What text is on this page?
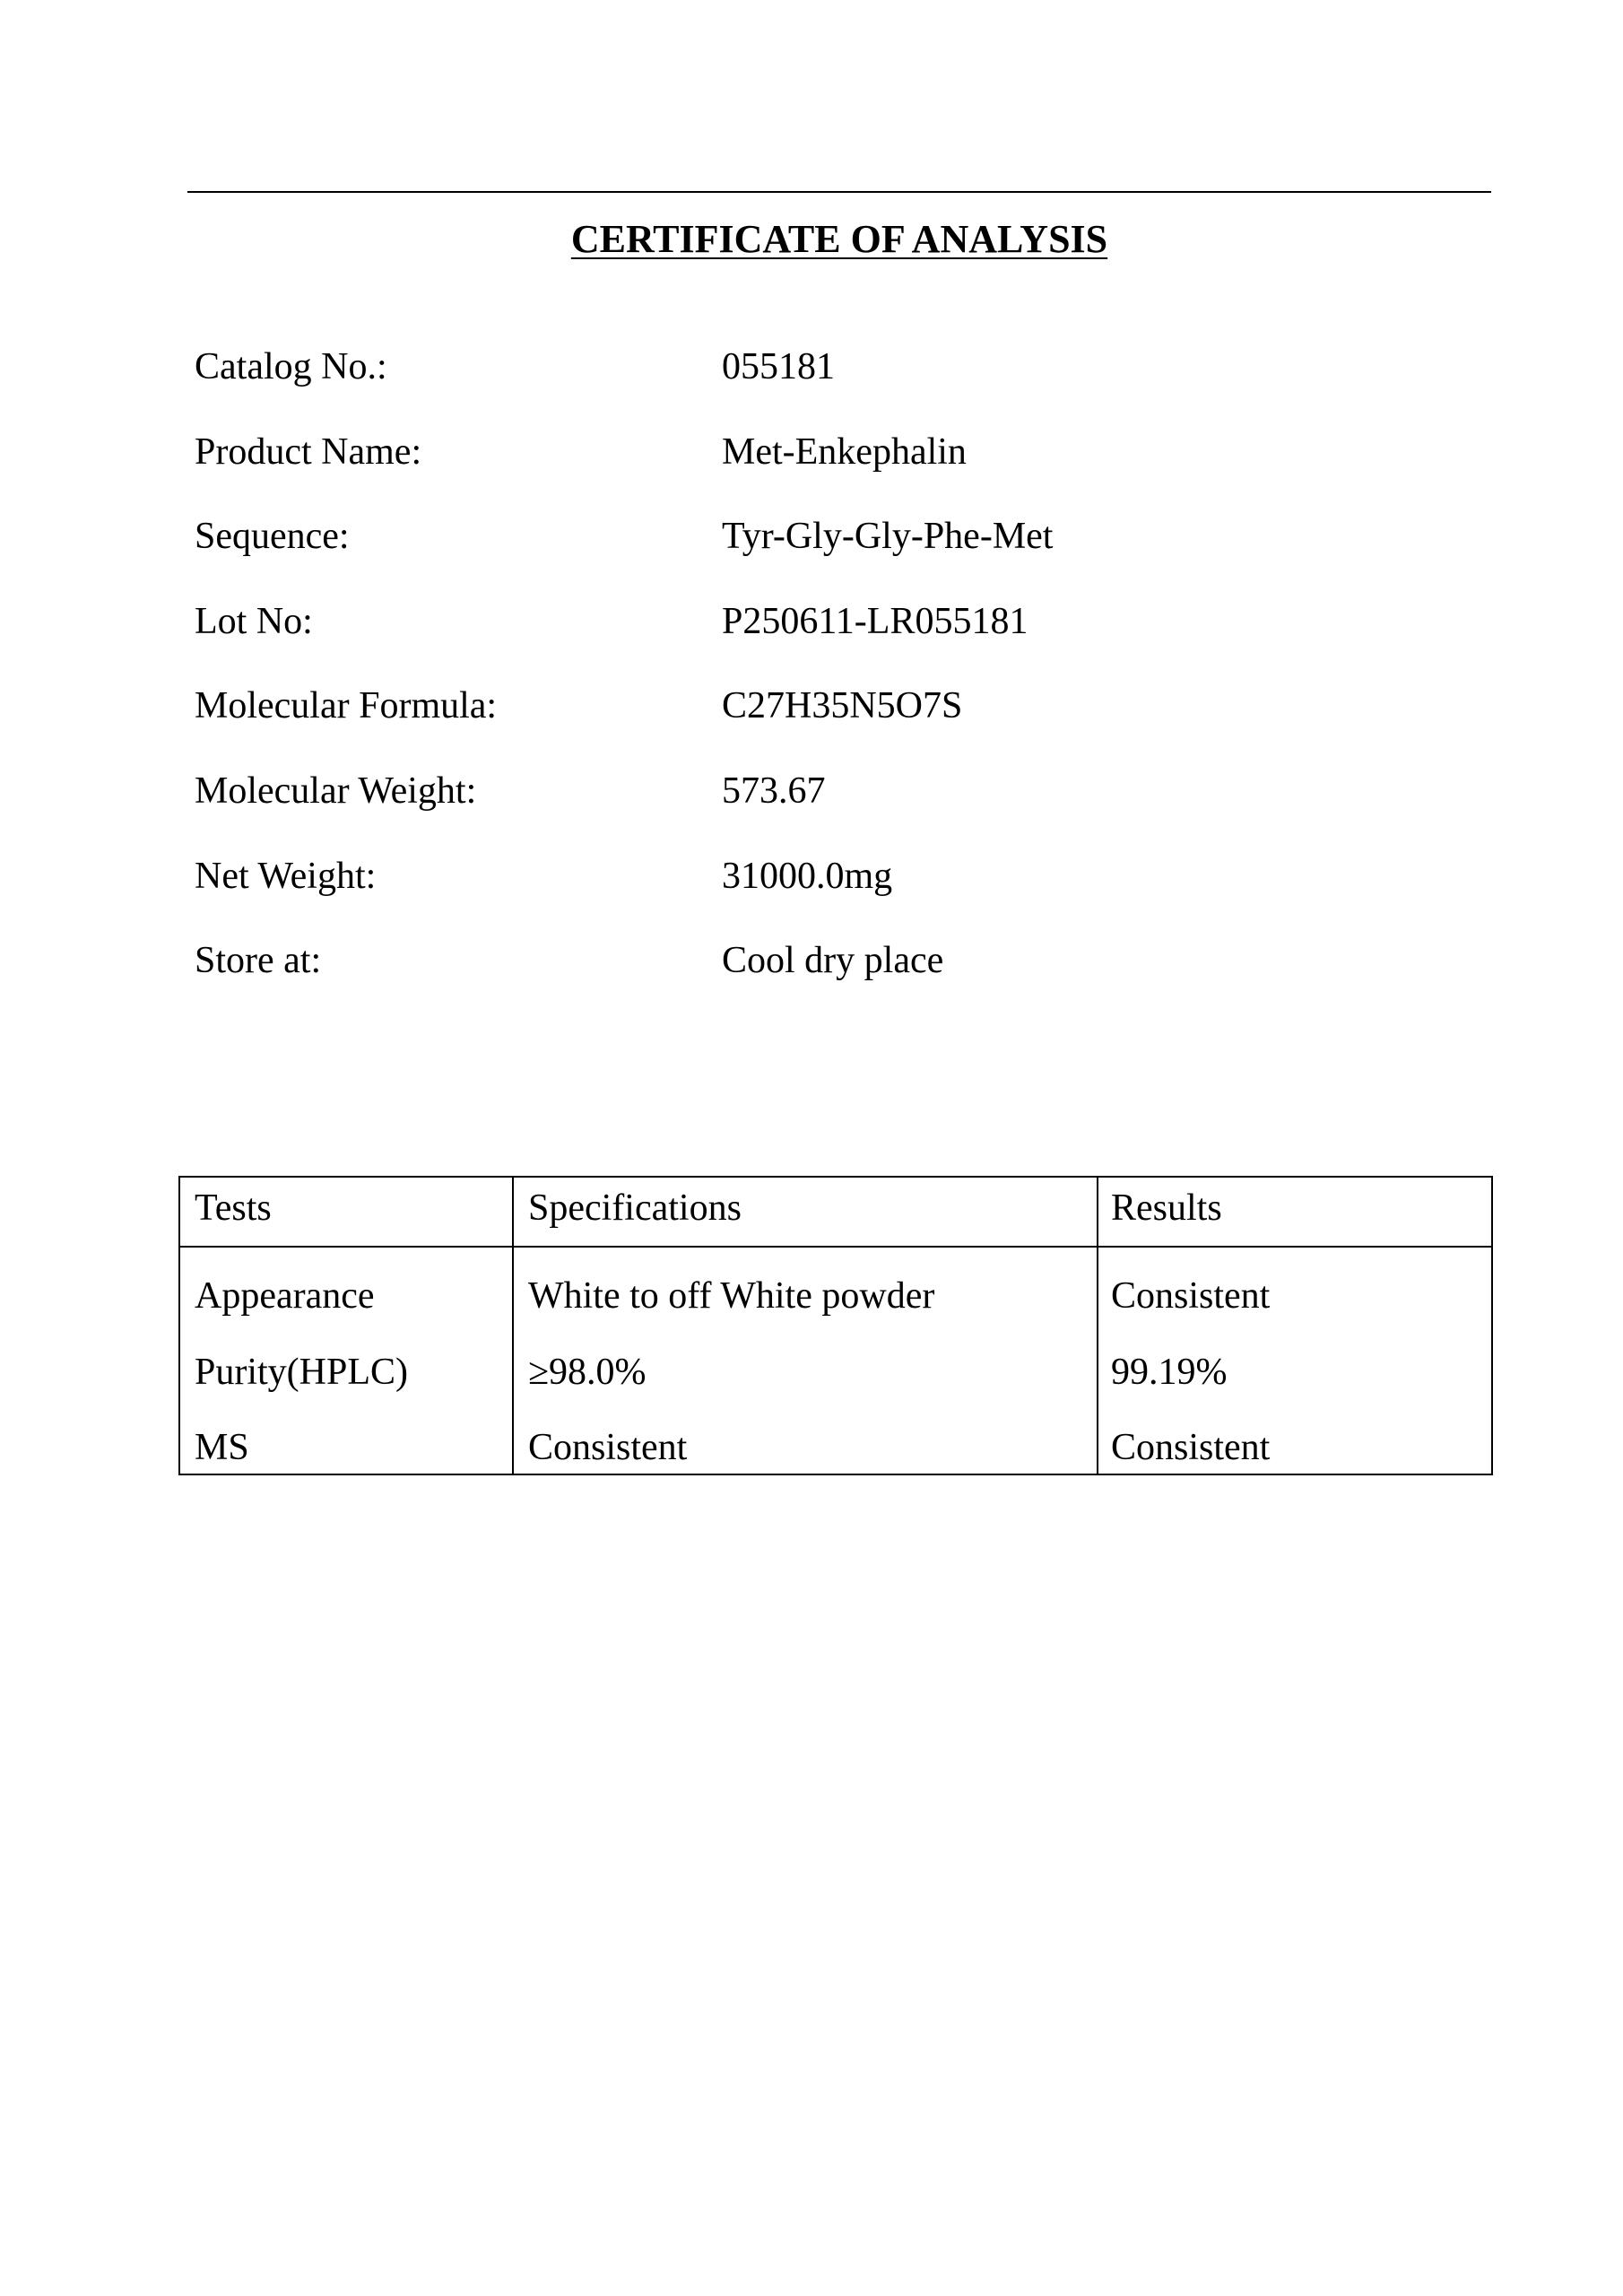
CERTIFICATE OF ANALYSIS
Catalog No.:	055181
Product Name:	Met-Enkephalin
Sequence:	Tyr-Gly-Gly-Phe-Met
Lot No:	P250611-LR055181
Molecular Formula:	C27H35N5O7S
Molecular Weight:	573.67
Net Weight:	31000.0mg
Store at:	Cool dry place
Tests	Specifications	Results
Appearance	White to off White powder	Consistent
Purity(HPLC)	≥98.0%	99.19%
MS	Consistent	Consistent
